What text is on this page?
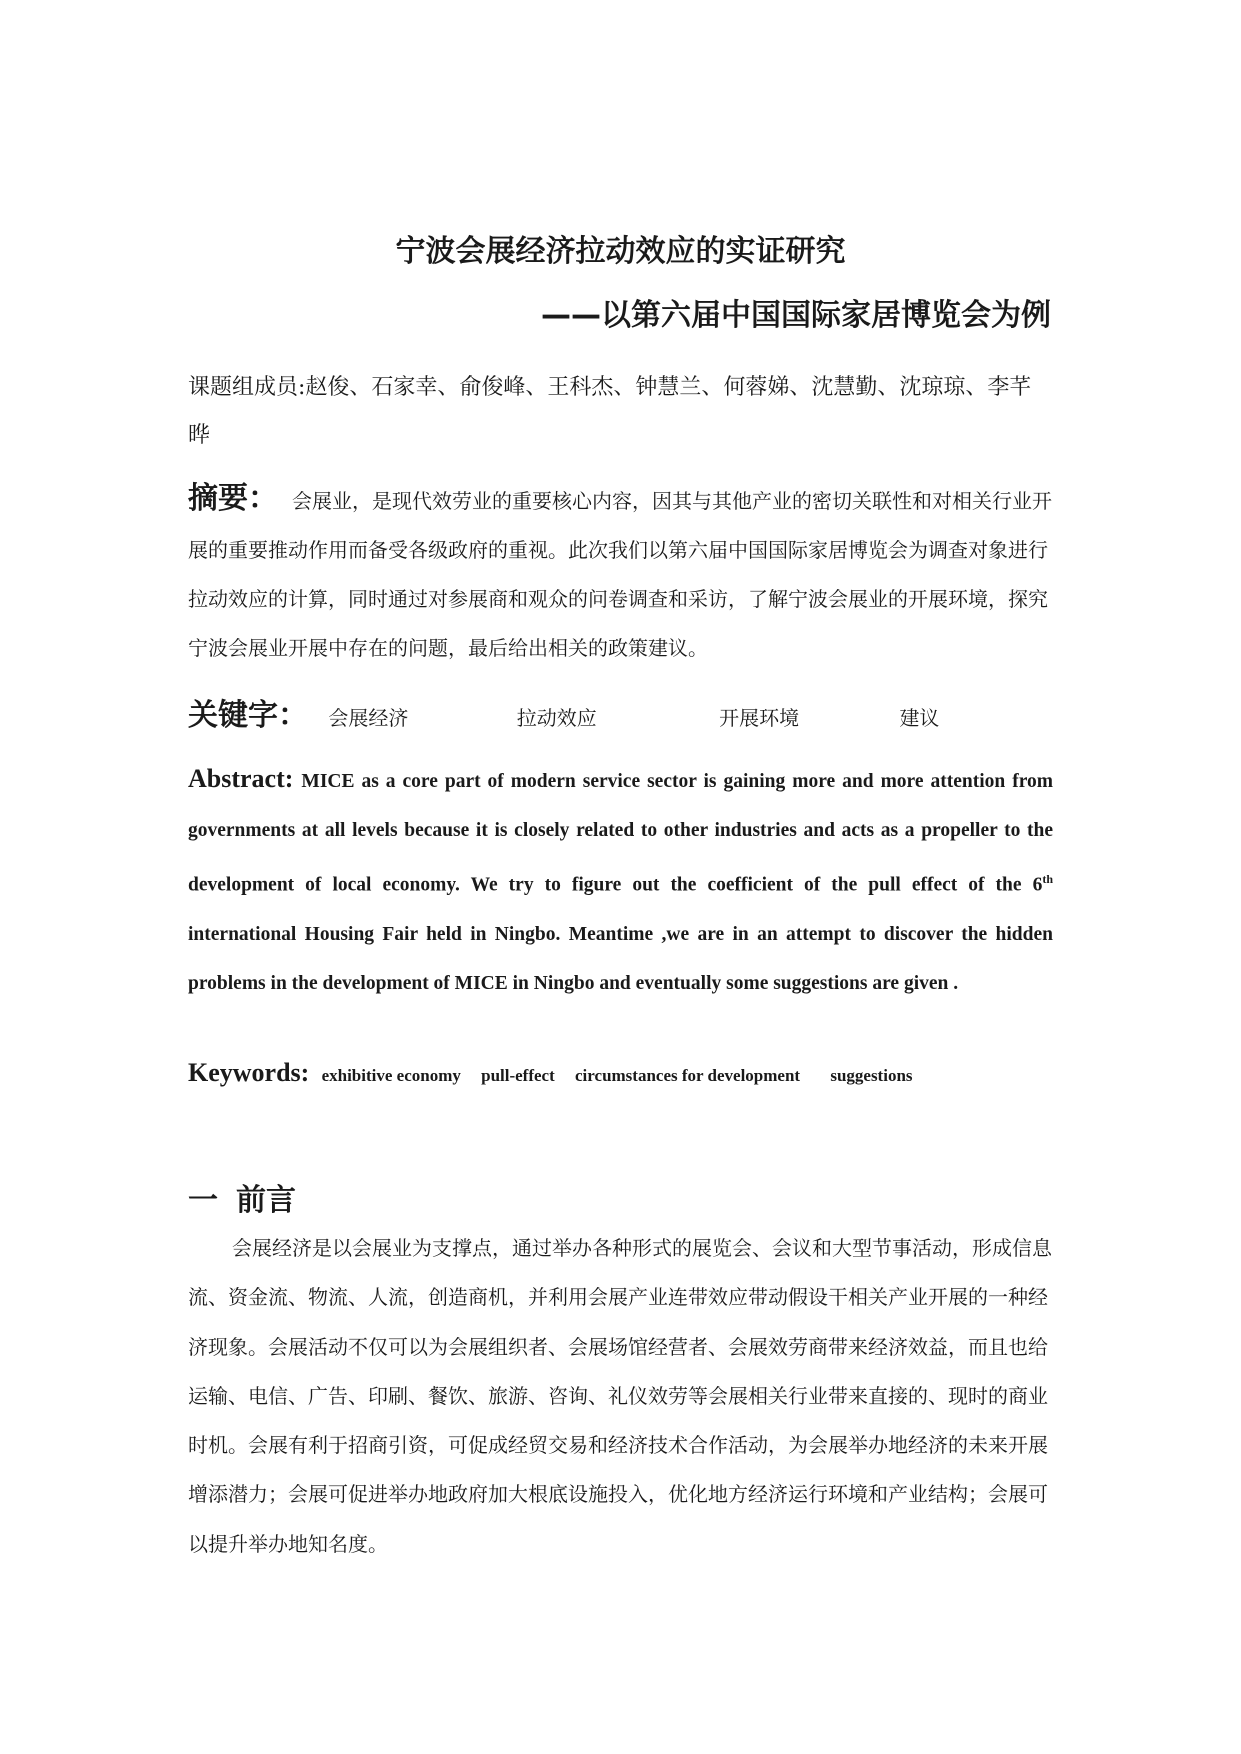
宁波会展经济拉动效应的实证研究
——以第六届中国国际家居博览会为例
课题组成员:赵俊、石家幸、俞俊峰、王科杰、钟慧兰、何蓉娣、沈慧勤、沈琼琼、李芊晔
摘要： 会展业，是现代效劳业的重要核心内容，因其与其他产业的密切关联性和对相关行业开展的重要推动作用而备受各级政府的重视。此次我们以第六届中国国际家居博览会为调查对象进行拉动效应的计算，同时通过对参展商和观众的问卷调查和采访，了解宁波会展业的开展环境，探究宁波会展业开展中存在的问题，最后给出相关的政策建议。
关键字： 会展经济	拉动效应	开展环境	建议
Abstract: MICE as a core part of modern service sector is gaining more and more attention from governments at all levels because it is closely related to other industries and acts as a propeller to the development of local economy. We try to figure out the coefficient of the pull effect of the 6th international Housing Fair held in Ningbo. Meantime ,we are in an attempt to discover the hidden problems in the development of MICE in Ningbo and eventually some suggestions are given .
Keywords: exhibitive economy pull-effect circumstances for development suggestions
一 前言
会展经济是以会展业为支撑点，通过举办各种形式的展览会、会议和大型节事活动，形成信息流、资金流、物流、人流，创造商机，并利用会展产业连带效应带动假设干相关产业开展的一种经济现象。会展活动不仅可以为会展组织者、会展场馆经营者、会展效劳商带来经济效益，而且也给运输、电信、广告、印刷、餐饮、旅游、咨询、礼仪效劳等会展相关行业带来直接的、现时的商业时机。会展有利于招商引资，可促成经贸交易和经济技术合作活动，为会展举办地经济的未来开展增添潜力；会展可促进举办地政府加大根底设施投入，优化地方经济运行环境和产业结构；会展可以提升举办地知名度。
